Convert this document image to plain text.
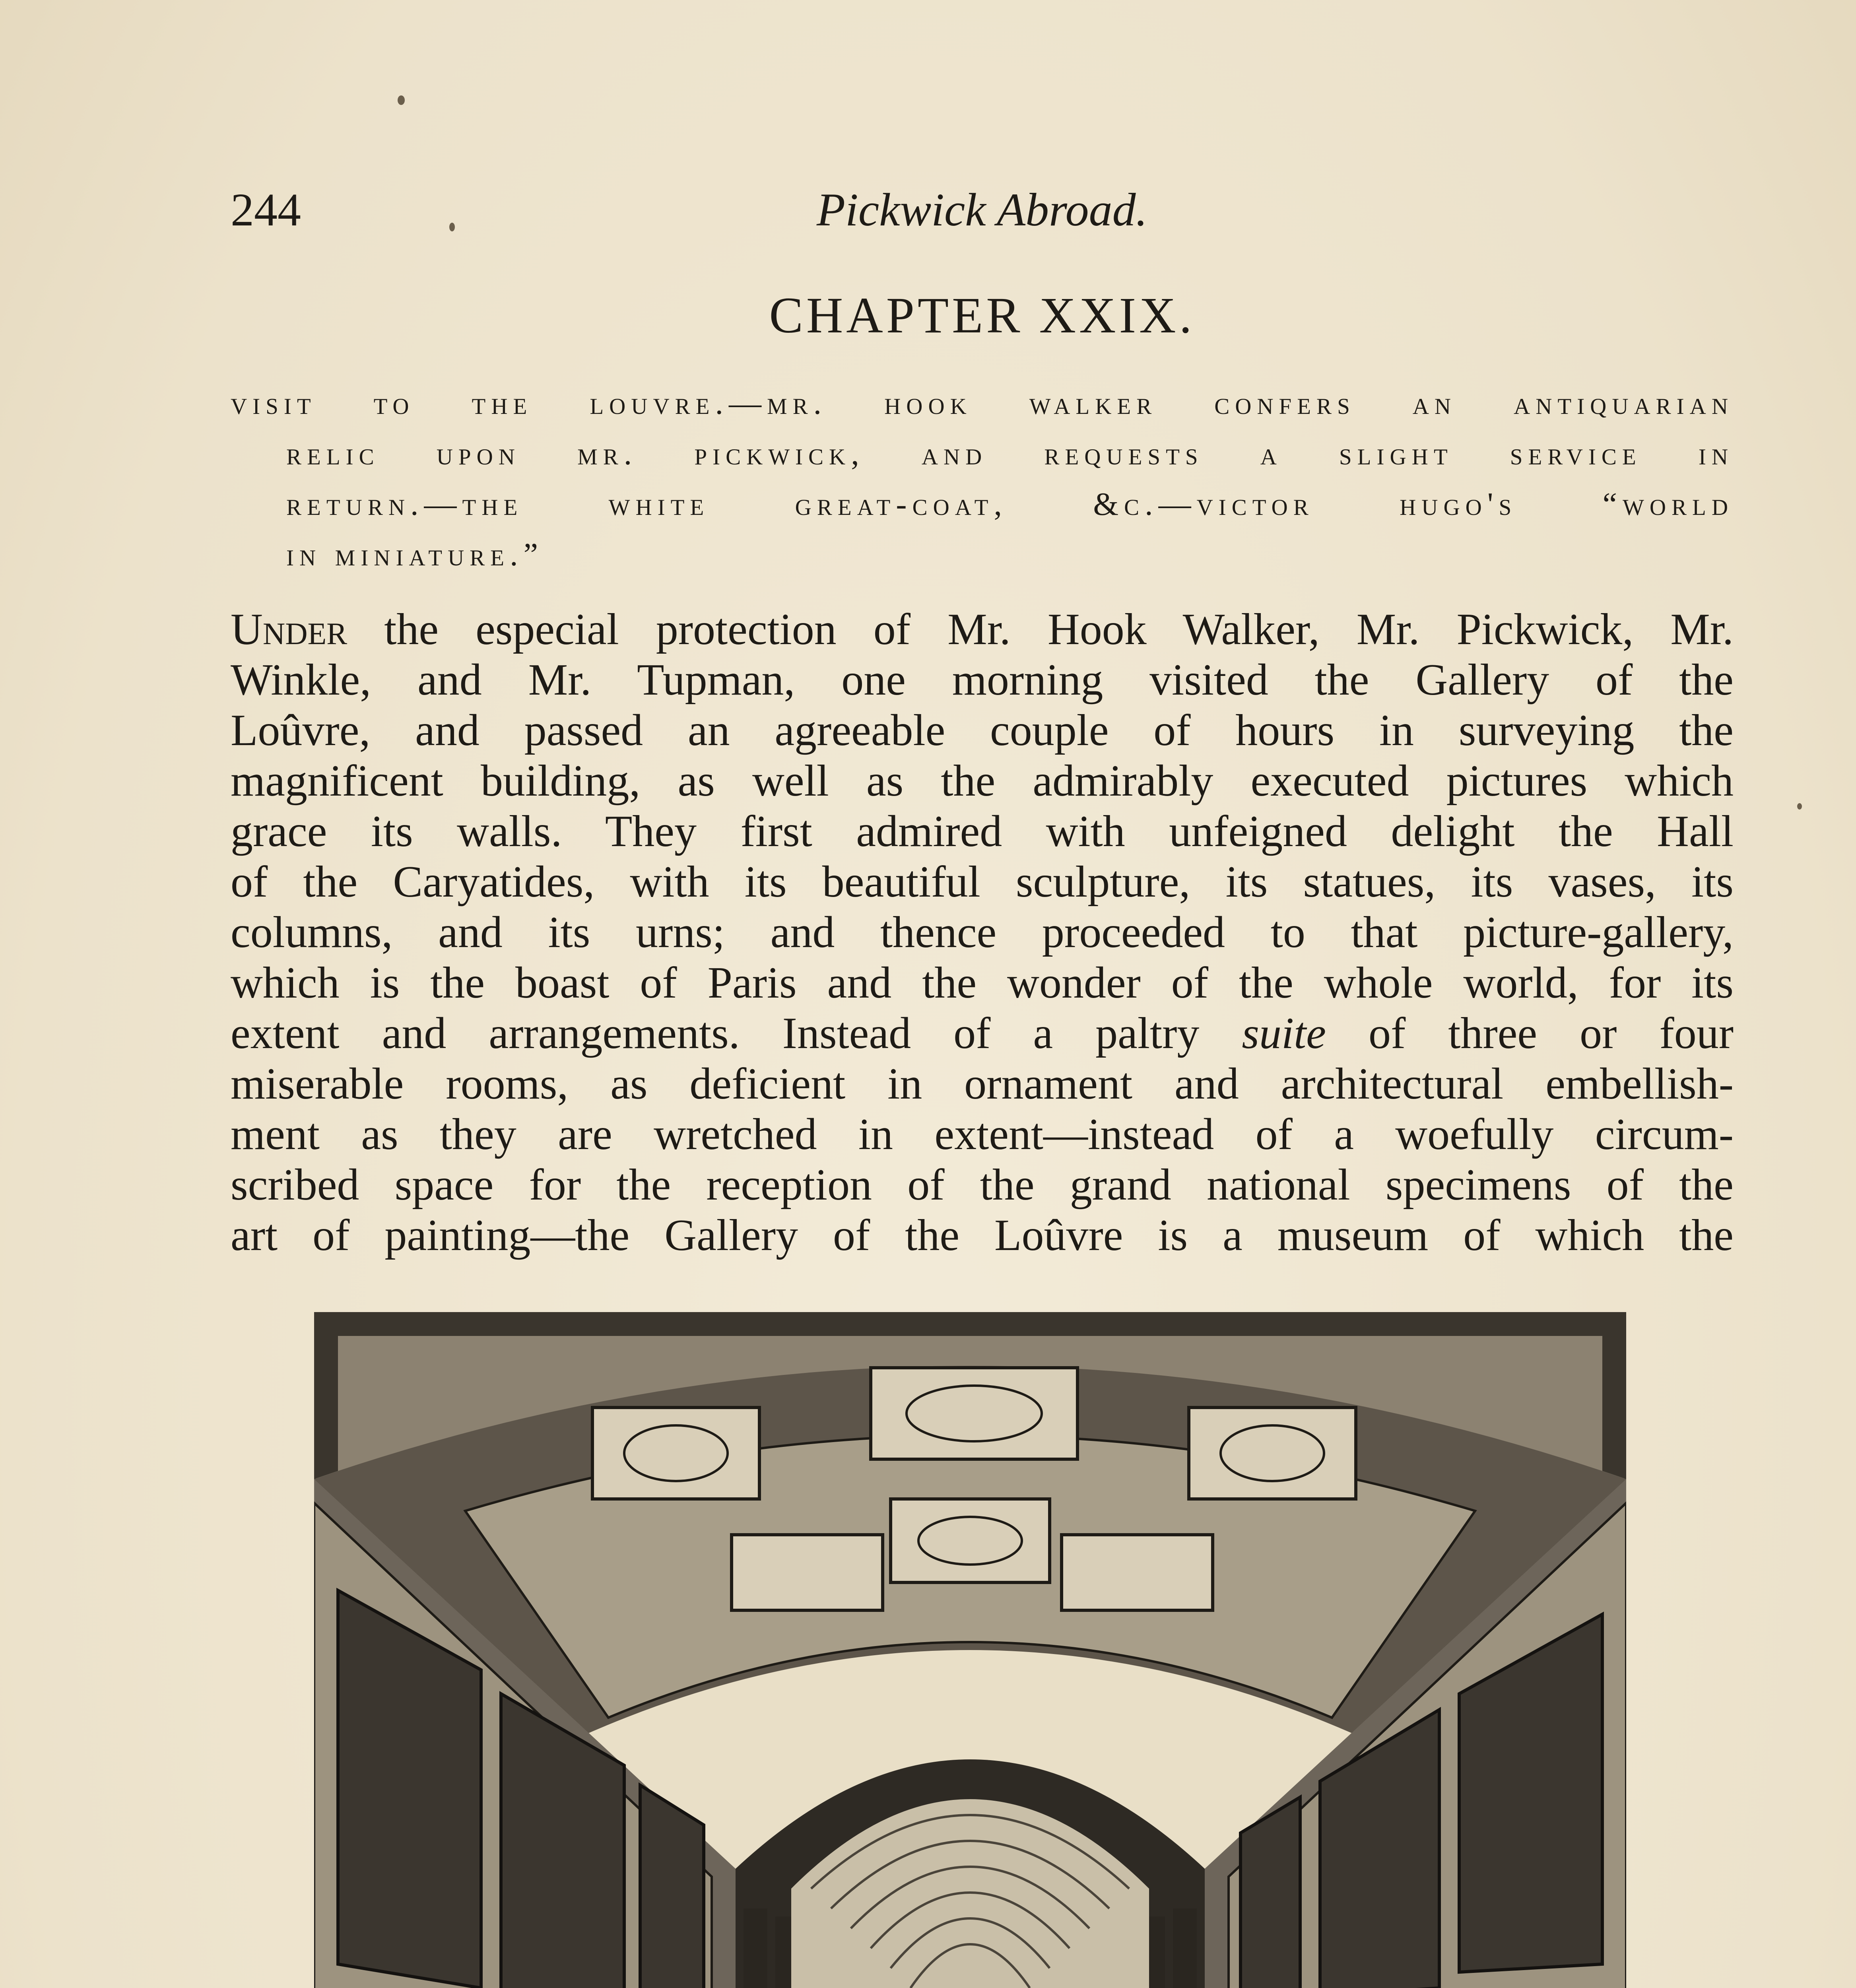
244	Pickwick Abroad.
CHAPTER XXIX.
visit to the louvre.—mr. hook walker confers an antiquarian
relic upon mr. pickwick, and requests a slight service in
return.—the white great-coat, &c.—victor hugo's “world
in miniature.”
Under the especial protection of Mr. Hook Walker, Mr. Pickwick, Mr.
Winkle, and Mr. Tupman, one morning visited the Gallery of the
Loûvre, and passed an agreeable couple of hours in surveying the
magnificent building, as well as the admirably executed pictures which
grace its walls. They first admired with unfeigned delight the Hall
of the Caryatides, with its beautiful sculpture, its statues, its vases, its
columns, and its urns; and thence proceeded to that picture-gallery,
which is the boast of Paris and the wonder of the whole world, for its
extent and arrangements. Instead of a paltry suite of three or four
miserable rooms, as deficient in ornament and architectural embellish-
ment as they are wretched in extent—instead of a woefully circum-
scribed space for the reception of the grand national specimens of the
art of painting—the Gallery of the Loûvre is a museum of which the
